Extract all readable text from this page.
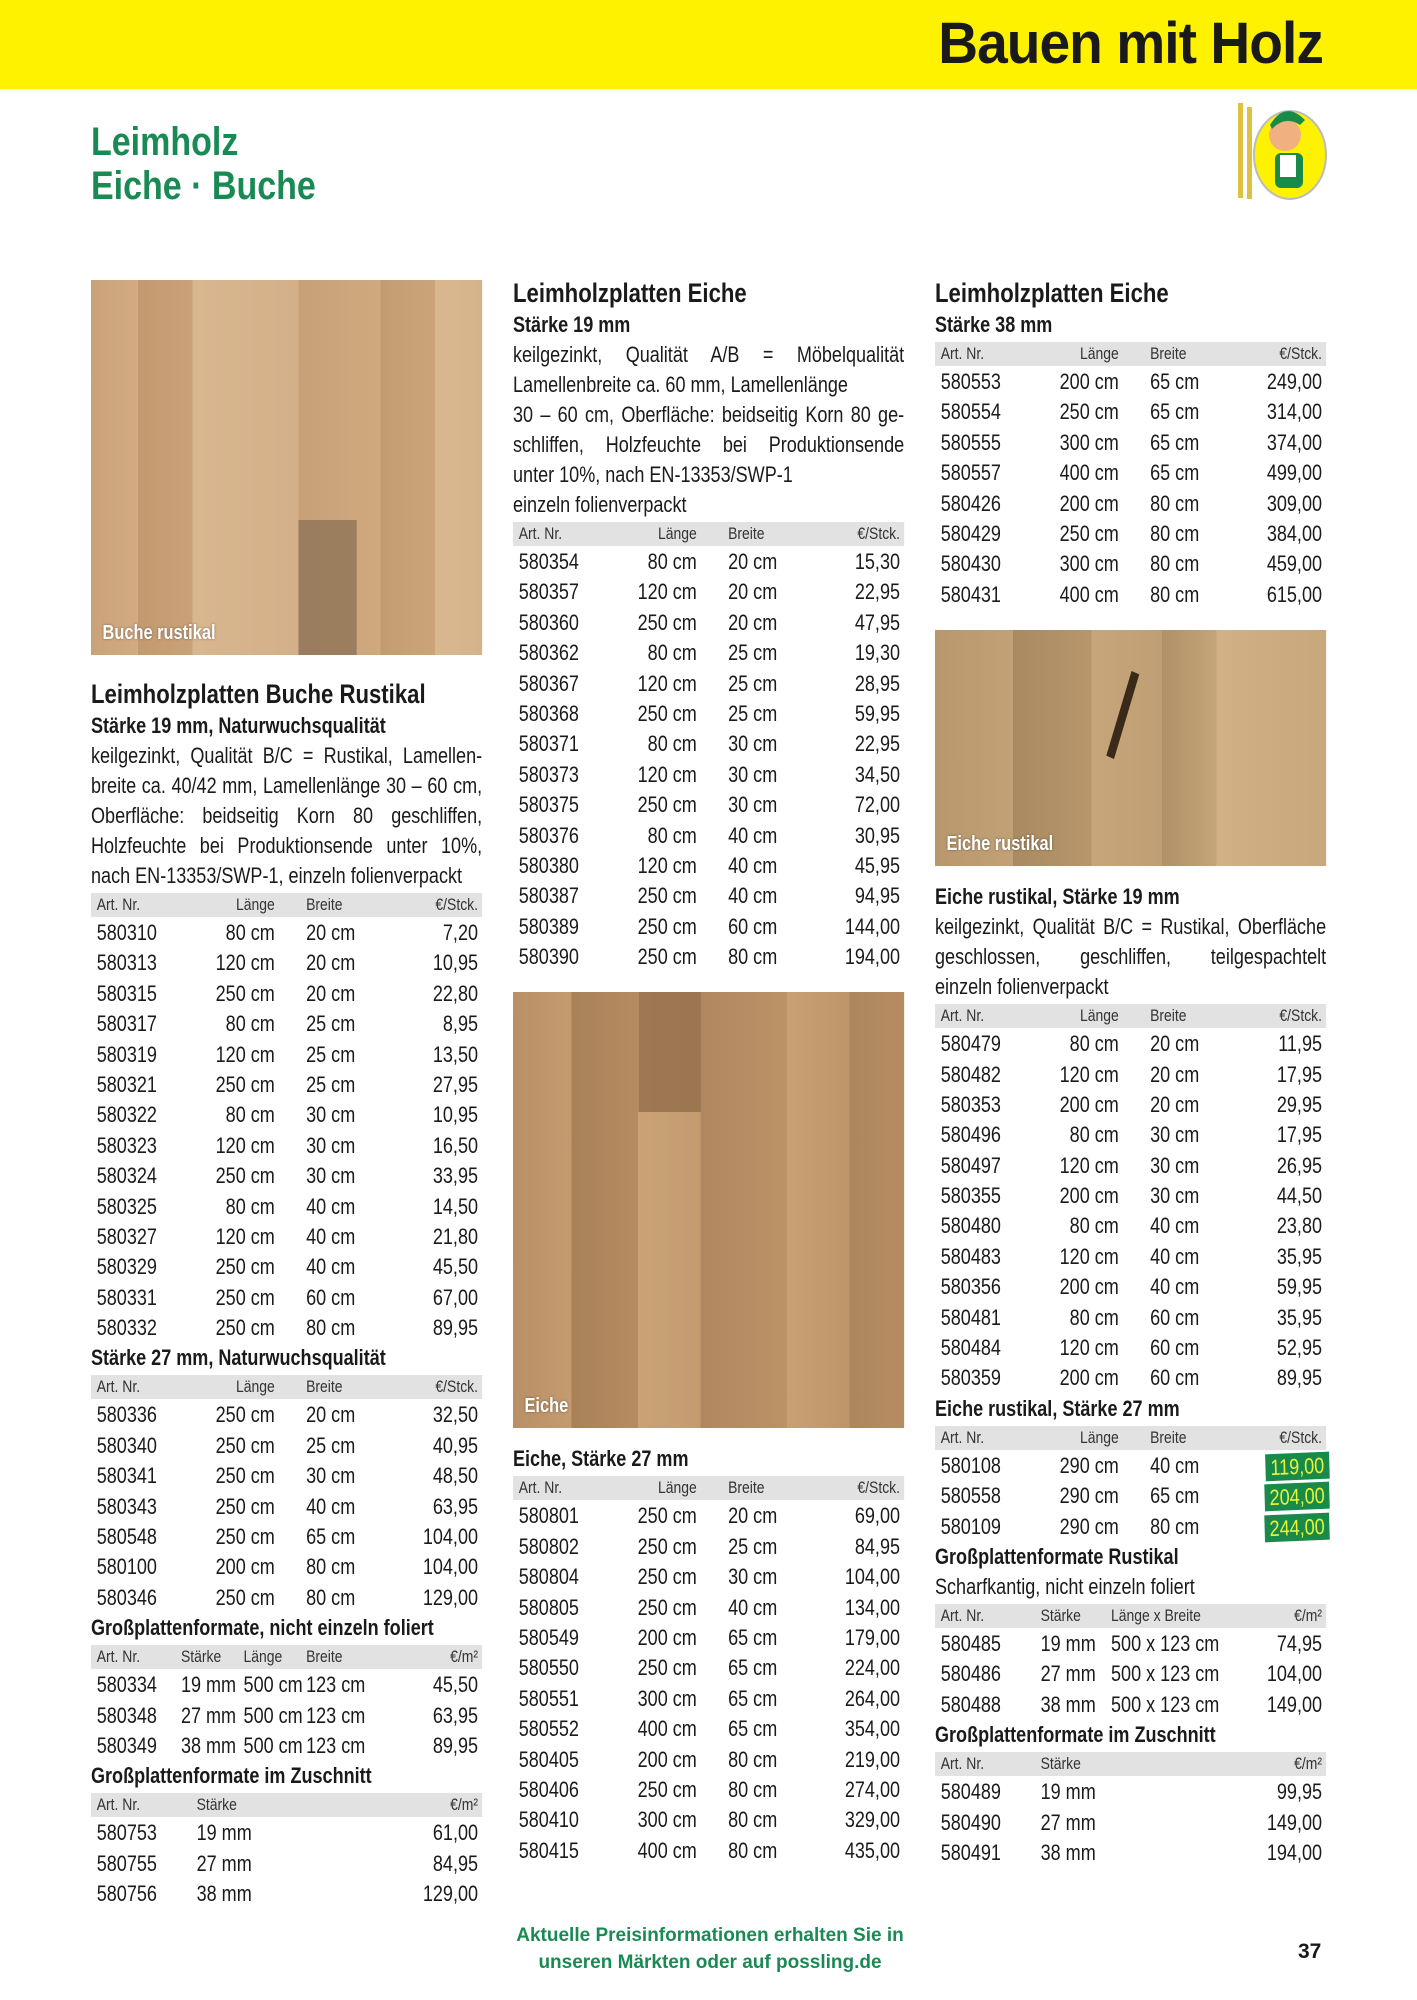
Bauen mit Holz
Leimholz
Eiche · Buche
Buche rustikal
Leimholzplatten Buche Rustikal
Stärke 19 mm, Naturwuchsqualität
keilgezinkt, Qualität B/C = Rustikal, Lamellen-
breite ca. 40/42 mm, Lamellenlänge 30 – 60 cm,
Oberfläche: beidseitig Korn 80 geschliffen,
Holzfeuchte bei Produktionsende unter 10%,
nach EN-13353/SWP-1, einzeln folienverpackt
Art. Nr.	Länge Breite	€/Stck.
580310	80 cm 20 cm	7,20
580313	120 cm 20 cm	10,95
580315	250 cm 20 cm	22,80
580317	80 cm 25 cm	8,95
580319	120 cm 25 cm	13,50
580321	250 cm 25 cm	27,95
580322	80 cm 30 cm	10,95
580323	120 cm 30 cm	16,50
580324	250 cm 30 cm	33,95
580325	80 cm 40 cm	14,50
580327	120 cm 40 cm	21,80
580329	250 cm 40 cm	45,50
580331	250 cm 60 cm	67,00
580332	250 cm 80 cm	89,95
Stärke 27 mm, Naturwuchsqualität
Art. Nr.	Länge Breite	€/Stck.
580336	250 cm 20 cm	32,50
580340	250 cm 25 cm	40,95
580341	250 cm 30 cm	48,50
580343	250 cm 40 cm	63,95
580548	250 cm 65 cm	104,00
580100	200 cm 80 cm	104,00
580346	250 cm 80 cm	129,00
Großplattenformate, nicht einzeln foliert
Art. Nr.	Stärke	Länge	Breite	€/m²
580334	19 mm 500 cm 123 cm	45,50
580348	27 mm 500 cm 123 cm	63,95
580349	38 mm 500 cm 123 cm	89,95
Großplattenformate im Zuschnitt
Art. Nr.	Stärke	€/m²
580753	19 mm	61,00
580755	27 mm	84,95
580756	38 mm	129,00
Leimholzplatten Eiche
Stärke 19 mm
keilgezinkt, Qualität A/B = Möbelqualität
Lamellenbreite ca. 60 mm, Lamellenlänge
30 – 60 cm, Oberfläche: beidseitig Korn 80 ge-
schliffen, Holzfeuchte bei Produktionsende
unter 10%, nach EN-13353/SWP-1
einzeln folienverpackt
Art. Nr.	Länge Breite	€/Stck.
580354	80 cm 20 cm	15,30
580357	120 cm 20 cm	22,95
580360	250 cm 20 cm	47,95
580362	80 cm 25 cm	19,30
580367	120 cm 25 cm	28,95
580368	250 cm 25 cm	59,95
580371	80 cm 30 cm	22,95
580373	120 cm 30 cm	34,50
580375	250 cm 30 cm	72,00
580376	80 cm 40 cm	30,95
580380	120 cm 40 cm	45,95
580387	250 cm 40 cm	94,95
580389	250 cm 60 cm	144,00
580390	250 cm 80 cm	194,00
Eiche
Eiche, Stärke 27 mm
Art. Nr.	Länge Breite	€/Stck.
580801	250 cm 20 cm	69,00
580802	250 cm 25 cm	84,95
580804	250 cm 30 cm	104,00
580805	250 cm 40 cm	134,00
580549	200 cm 65 cm	179,00
580550	250 cm 65 cm	224,00
580551	300 cm 65 cm	264,00
580552	400 cm 65 cm	354,00
580405	200 cm 80 cm	219,00
580406	250 cm 80 cm	274,00
580410	300 cm 80 cm	329,00
580415	400 cm 80 cm	435,00
Leimholzplatten Eiche
Stärke 38 mm
Art. Nr.	Länge Breite	€/Stck.
580553	200 cm 65 cm	249,00
580554	250 cm 65 cm	314,00
580555	300 cm 65 cm	374,00
580557	400 cm 65 cm	499,00
580426	200 cm 80 cm	309,00
580429	250 cm 80 cm	384,00
580430	300 cm 80 cm	459,00
580431	400 cm 80 cm	615,00
Eiche rustikal
Eiche rustikal, Stärke 19 mm
keilgezinkt, Qualität B/C = Rustikal, Oberfläche
geschlossen, geschliffen, teilgespachtelt
einzeln folienverpackt
Art. Nr.	Länge Breite	€/Stck.
580479	80 cm 20 cm	11,95
580482	120 cm 20 cm	17,95
580353	200 cm 20 cm	29,95
580496	80 cm 30 cm	17,95
580497	120 cm 30 cm	26,95
580355	200 cm 30 cm	44,50
580480	80 cm 40 cm	23,80
580483	120 cm 40 cm	35,95
580356	200 cm 40 cm	59,95
580481	80 cm 60 cm	35,95
580484	120 cm 60 cm	52,95
580359	200 cm 60 cm	89,95
Eiche rustikal, Stärke 27 mm
Art. Nr.	Länge Breite	€/Stck.
580108	290 cm 40 cm	119,00
580558	290 cm 65 cm	204,00
580109	290 cm 80 cm	244,00
Großplattenformate Rustikal
Scharfkantig, nicht einzeln foliert
Art. Nr.	Stärke	Länge x Breite	€/m²
580485	19 mm 500 x 123 cm	74,95
580486	27 mm 500 x 123 cm	104,00
580488	38 mm 500 x 123 cm	149,00
Großplattenformate im Zuschnitt
Art. Nr.	Stärke	€/m²
580489	19 mm	99,95
580490	27 mm	149,00
580491	38 mm	194,00
Aktuelle Preisinformationen erhalten Sie in
unseren Märkten oder auf possling.de	37
